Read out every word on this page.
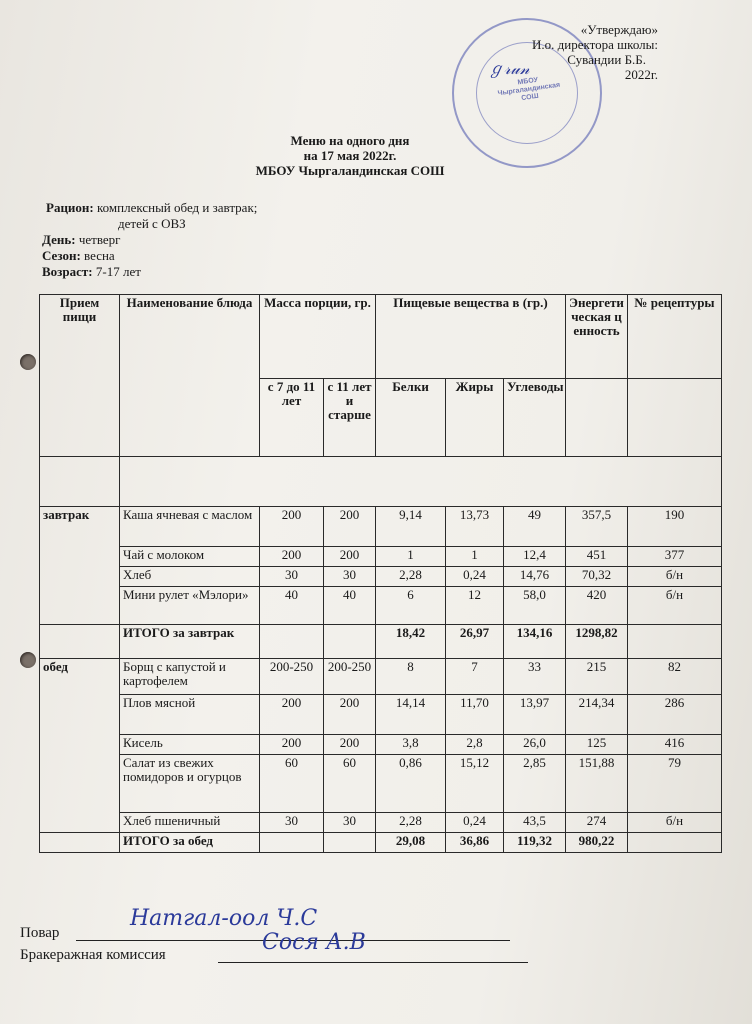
МБОУ Чыргаландинская СОШ
«Утверждаю»
И.о. директора школы:
Сувандии Б.Б.
2022г.
ℊ𝓇𝓊𝓃
Меню на одного дня
на 17 мая 2022г.
МБОУ Чыргаландинская СОШ
Рацион: комплексный обед и завтрак;
детей с ОВЗ
День: четверг
Сезон: весна
Возраст: 7-17 лет
Прием пищи	Наименование блюда	Масса порции, гр.		Пищевые вещества в (гр.)			Энергетическая ценность	№ рецептуры
		с 7 до 11 лет	с 11 лет и старше	Белки	Жиры	Углеводы		

завтрак	Каша ячневая с маслом	200	200	9,14	13,73	49	357,5	190
	Чай с молоком	200	200	1	1	12,4	451	377
	Хлеб	30	30	2,28	0,24	14,76	70,32	б/н
	Мини рулет «Мэлори»	40	40	6	12	58,0	420	б/н
	ИТОГО за завтрак			18,42	26,97	134,16	1298,82	
обед	Борщ с капустой и картофелем	200-250	200-250	8	7	33	215	82
	Плов мясной	200	200	14,14	11,70	13,97	214,34	286
	Кисель	200	200	3,8	2,8	26,0	125	416
	Салат из свежих помидоров и огурцов	60	60	0,86	15,12	2,85	151,88	79
	Хлеб пшеничный	30	30	2,28	0,24	43,5	274	б/н
	ИТОГО за обед			29,08	36,86	119,32	980,22	
Повар
Наmгал-оол Ч.С
Бракеражная комиссия	Сося А.В
